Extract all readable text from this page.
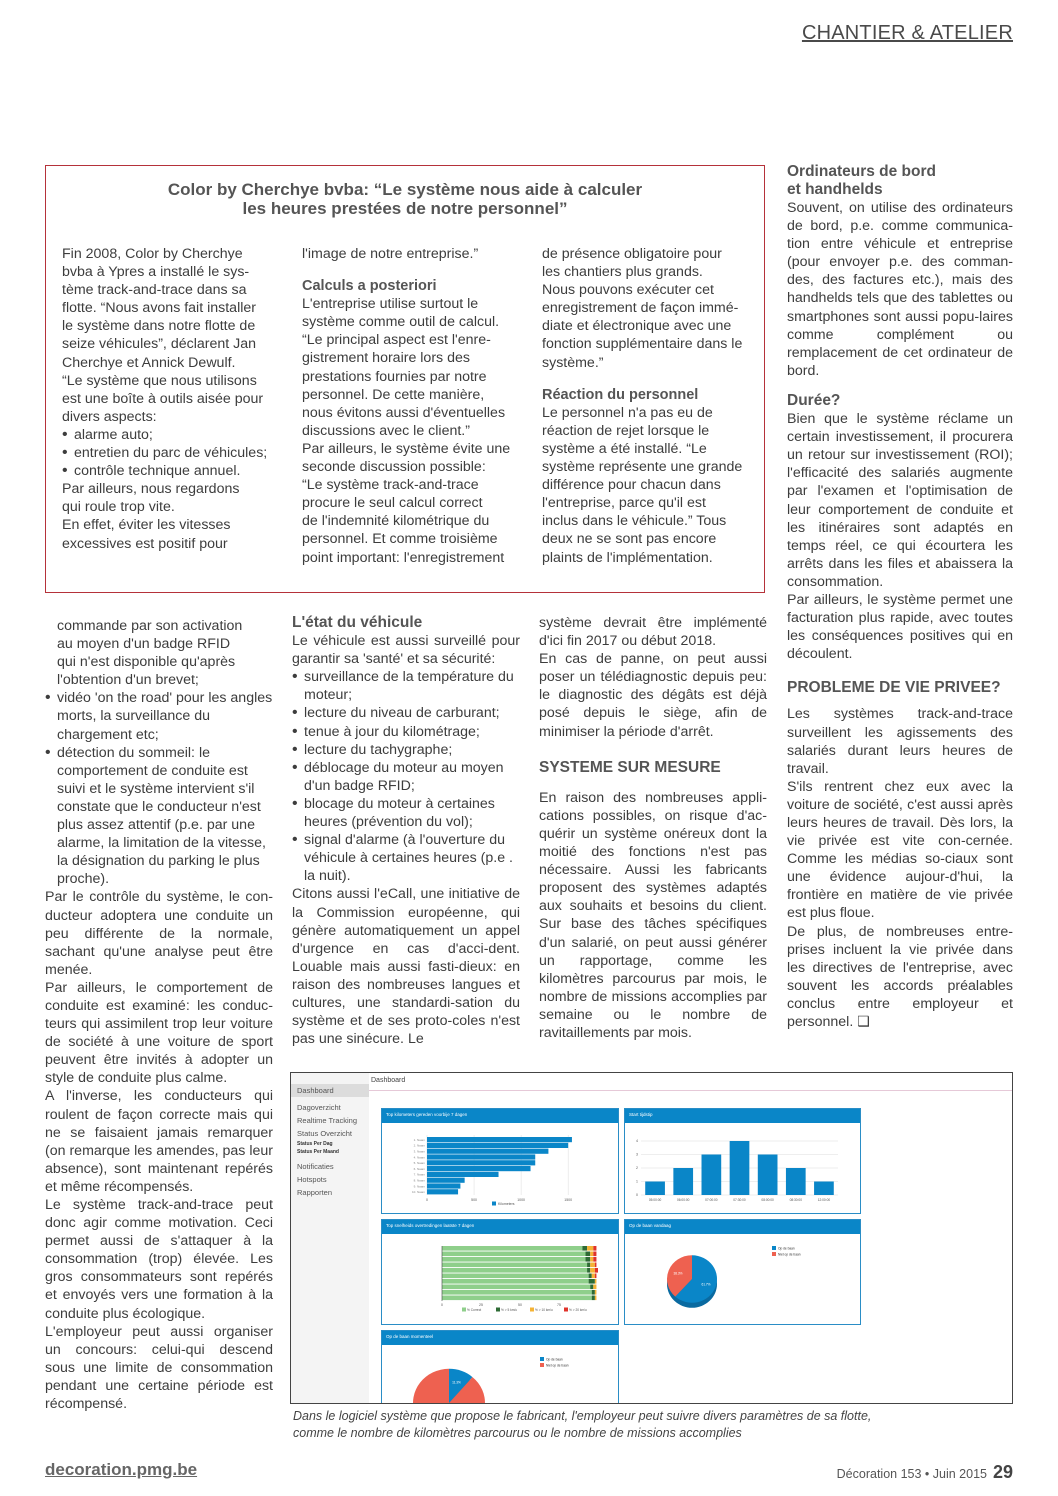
CHANTIER & ATELIER
Color by Cherchye bvba: “Le système nous aide à calculer
les heures prestées de notre personnel”
Fin 2008, Color by Cherchye
bvba à Ypres a installé le sys-
tème track-and-trace dans sa
flotte. “Nous avons fait installer
le système dans notre flotte de
seize véhicules”, déclarent Jan
Cherchye et Annick Dewulf.
“Le système que nous utilisons
est une boîte à outils aisée pour
divers aspects:
• alarme auto;
• entretien du parc de véhicules;
• contrôle technique annuel.
Par ailleurs, nous regardons
qui roule trop vite.
En effet, éviter les vitesses
excessives est positif pour

l'image de notre entreprise.”

Calculs a posteriori

L'entreprise utilise surtout le
système comme outil de calcul.
“Le principal aspect est l'enre-
gistrement horaire lors des
prestations fournies par notre
personnel. De cette manière,
nous évitons aussi d'éventuelles
discussions avec le client.”
Par ailleurs, le système évite une
seconde discussion possible:
“Le système track-and-trace
procure le seul calcul correct
de l'indemnité kilométrique du
personnel. Et comme troisième
point important: l'enregistrement
de présence obligatoire pour
les chantiers plus grands.
Nous pouvons exécuter cet
enregistrement de façon immé-
diate et électronique avec une
fonction supplémentaire dans le
système.”

Réaction du personnel

Le personnel n'a pas eu de
réaction de rejet lorsque le
système a été installé. “Le
système représente une grande
différence pour chacun dans
l'entreprise, parce qu'il est
inclus dans le véhicule.” Tous
deux ne se sont pas encore
plaints de l'implémentation.

Ordinateurs de bord
et handhelds

Souvent, on utilise des ordinateurs de bord, p.e. comme communica-tion entre véhicule et entreprise (pour envoyer p.e. des comman-des, des factures etc.), mais des handhelds tels que des tablettes ou smartphones sont aussi popu-laires comme complément ou remplacement de cet ordinateur de bord.

Durée?

Bien que le système réclame un certain investissement, il procurera un retour sur investissement (ROI); l'efficacité des salariés augmente par l'examen et l'optimisation de leur comportement de conduite et les itinéraires sont adaptés en temps réel, ce qui écourtera les arrêts dans les files et abaissera la consommation.

Par ailleurs, le système permet une facturation plus rapide, avec toutes les conséquences positives qui en découlent.

PROBLEME DE VIE PRIVEE?

Les systèmes track-and-trace surveillent les agissements des salariés durant leurs heures de travail.

S'ils rentrent chez eux avec la voiture de société, c'est aussi après leurs heures de travail. Dès lors, la vie privée est vite con-cernée. Comme les médias so-ciaux sont une évidence aujour-d'hui, la frontière en matière de vie privée est plus floue.

De plus, de nombreuses entre-prises incluent la vie privée dans les directives de l'entreprise, avec souvent les accords préalables conclus entre employeur et personnel. ❑

commande par son activation
au moyen d'un badge RFID
qui n'est disponible qu'après
l'obtention d'un brevet;
• vidéo 'on the road' pour les angles morts, la surveillance du chargement etc;
• détection du sommeil: le comportement de conduite est suivi et le système intervient s'il constate que le conducteur n'est plus assez attentif (p.e. par une alarme, la limitation de la vitesse, la désignation du parking le plus proche).

Par le contrôle du système, le con-ducteur adoptera une conduite un peu différente de la normale, sachant qu'une analyse peut être menée.

Par ailleurs, le comportement de conduite est examiné: les conduc-teurs qui assimilent trop leur voiture de société à une voiture de sport peuvent être invités à adopter un style de conduite plus calme.

A l'inverse, les conducteurs qui roulent de façon correcte mais qui ne se faisaient jamais remarquer (on remarque les amendes, pas leur absence), sont maintenant repérés et même récompensés.

Le système track-and-trace peut donc agir comme motivation. Ceci permet aussi de s'attaquer à la consommation (trop) élevée. Les gros consommateurs sont repérés et envoyés vers une formation à la conduite plus écologique.

L'employeur peut aussi organiser un concours: celui-qui descend sous une limite de consommation pendant une certaine période est récompensé.

L'état du véhicule

Le véhicule est aussi surveillé pour garantir sa 'santé' et sa sécurité:

• surveillance de la température du moteur;
• lecture du niveau de carburant;
• tenue à jour du kilométrage;
• lecture du tachygraphe;
• déblocage du moteur au moyen d'un badge RFID;
• blocage du moteur à certaines heures (prévention du vol);
• signal d'alarme (à l'ouverture du véhicule à certaines heures (p.e . la nuit).

Citons aussi l'eCall, une initiative de la Commission européenne, qui génère automatiquement un appel d'urgence en cas d'acci-dent. Louable mais aussi fasti-dieux: en raison des nombreuses langues et cultures, une standardi-sation du système et de ses proto-coles n'est pas une sinécure. Le

système devrait être implémenté d'ici fin 2017 ou début 2018.

En cas de panne, on peut aussi poser un télédiagnostic depuis peu: le diagnostic des dégâts est déjà posé depuis le siège, afin de minimiser la période d'arrêt.

SYSTEME SUR MESURE

En raison des nombreuses appli-cations possibles, on risque d'ac-quérir un système onéreux dont la moitié des fonctions n'est pas nécessaire. Aussi les fabricants proposent des systèmes adaptés aux souhaits et besoins du client. Sur base des tâches spécifiques d'un salarié, on peut aussi générer un rapportage, comme les kilomètres parcourus par mois, le nombre de missions accomplies par semaine ou le nombre de ravitaillements par mois.

Dashboard
Dagoverzicht
Realtime Tracking
Status Overzicht
Status Per Dag
Status Per Maand
Notificaties
Hotspots
Rapporten
Dashboard
Top kilometers gereden voorbije 7 dagen
0	500	1000	1500
1. Naam
2. Naam
3. Naam
4. Naam
5. Naam
6. Naam
7. Naam
8. Naam
9. Naam
10. Naam
Kilometers
Start tijdstip
0
1
2
3
4
05:00:00	06:00:00	07:00:00	07:30:00	08:00:00	08:30:00	12:00:00
Top snelheids overtredingen laatste 7 dagen
0	25	50	75
% Correct	% > 5 km/u	% > 10 km/u	% > 20 km/u
Op de baan vandaag
61.7%
38.3%
Op de baan
Niet op de baan
Op de baan momenteel
11.3%
Op de baan
Niet op de baan
Dans le logiciel système que propose le fabricant, l'employeur peut suivre divers paramètres de sa flotte,
comme le nombre de kilomètres parcourus ou le nombre de missions accomplies
decoration.pmg.be	Décoration 153 • Juin 2015 29
